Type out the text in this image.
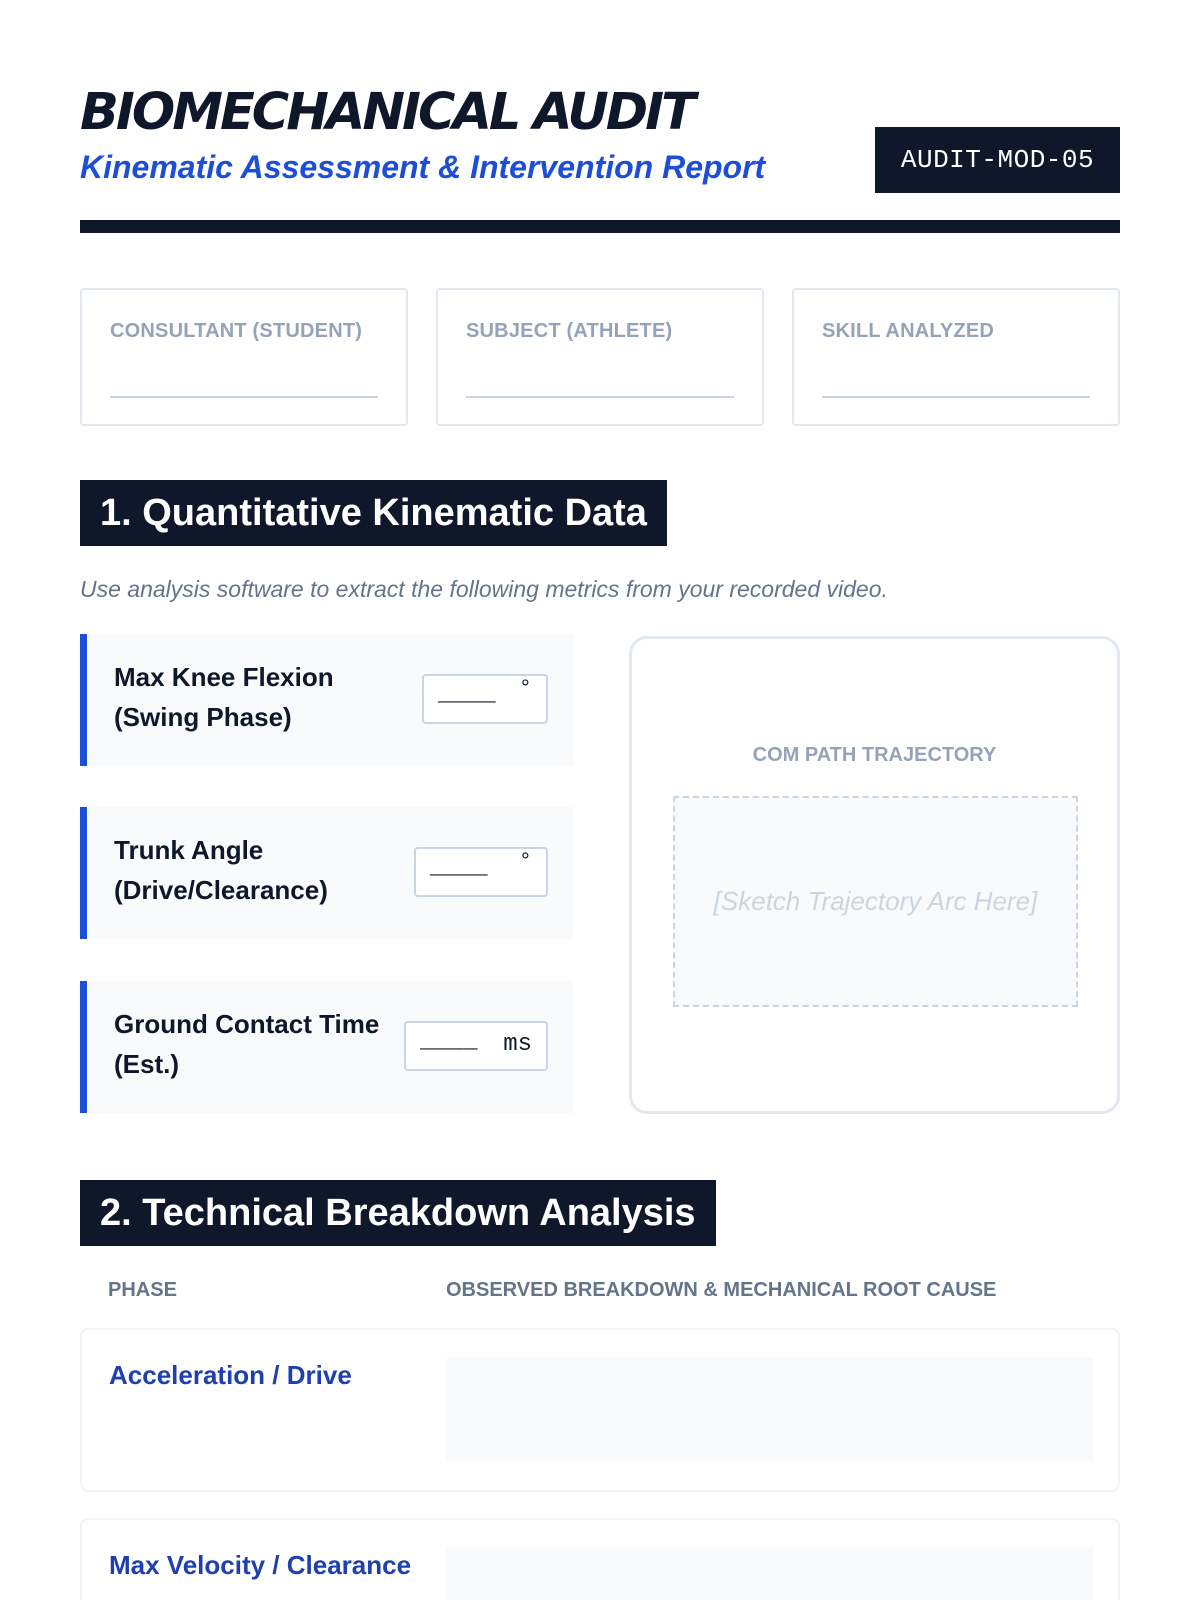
BIOMECHANICAL AUDIT
Kinematic Assessment & Intervention Report	AUDIT-MOD-05
CONSULTANT (STUDENT)	SUBJECT (ATHLETE)	SKILL ANALYZED
1. Quantitative Kinematic Data
Use analysis software to extract the following metrics from your recorded video.
Max Knee Flexion (Swing Phase)
____ °
Trunk Angle (Drive/Clearance)
____ °
Ground Contact Time (Est.)
____ ms
COM PATH TRAJECTORY
[Sketch Trajectory Arc Here]
2. Technical Breakdown Analysis
PHASE	OBSERVED BREAKDOWN & MECHANICAL ROOT CAUSE
Acceleration / Drive
Max Velocity / Clearance
